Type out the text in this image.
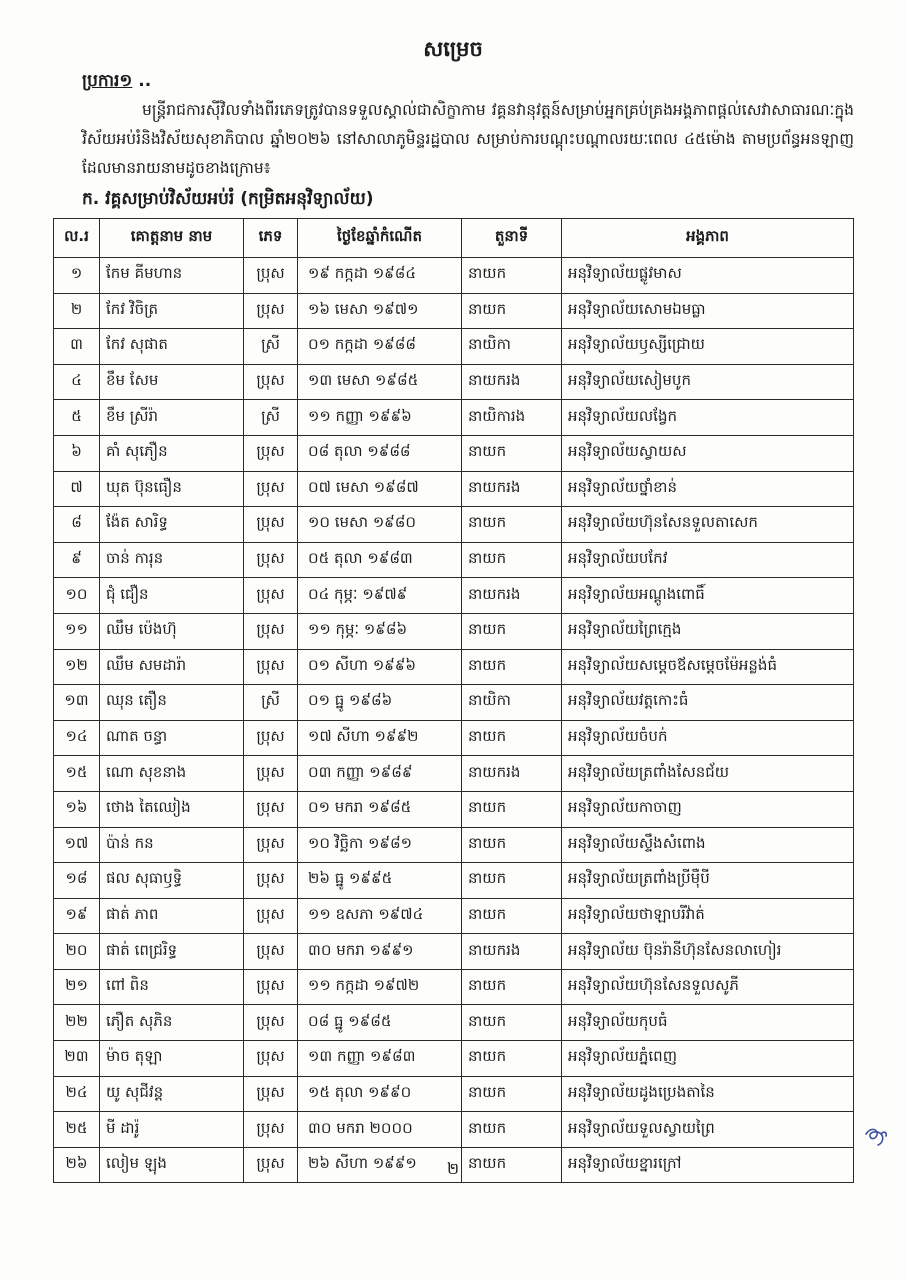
សម្រេច
ប្រការ១ ..
មន្ត្រីរាជការស៊ីវិលទាំងពីរភេទត្រូវបានទទួលស្គាល់ជាសិក្ខាកាម វគ្គនវានុវត្តន៍សម្រាប់អ្នកគ្រប់គ្រងអង្គភាពផ្ដល់សេវាសាធារណៈក្នុងវិស័យអប់រំនិងវិស័យសុខាភិបាល ឆ្នាំ២០២៦ នៅសាលាភូមិន្ទរដ្ឋបាល សម្រាប់ការបណ្ដុះបណ្ដាលរយៈពេល ៤៥ម៉ោង តាមប្រព័ន្ធអនឡាញដែលមានរាយនាមដូចខាងក្រោម៖
ក. វគ្គសម្រាប់វិស័យអប់រំ (កម្រិតអនុវិទ្យាល័យ)
ល.រ	គោត្តនាម នាម	ភេទ	ថ្ងៃខែឆ្នាំកំណើត	តួនាទី	អង្គភាព
១	កែម គីមហាន	ប្រុស	១៩ កក្កដា ១៩៨៤	នាយក	អនុវិទ្យាល័យផ្លូវមាស
២	កែវ វិចិត្រ	ប្រុស	១៦ មេសា ១៩៧១	នាយក	អនុវិទ្យាល័យសោមឯមធ្លា
៣	កែវ សុផាត	ស្រី	០១ កក្កដា ១៩៨៨	នាយិកា	អនុវិទ្យាល័យឫស្សីជ្រោយ
៤	ខឹម សែម	ប្រុស	១៣ មេសា ១៩៨៥	នាយករង	អនុវិទ្យាល័យសៀមបូក
៥	ខឹម ស្រីរ៉ា	ស្រី	១១ កញ្ញា ១៩៩៦	នាយិការង	អនុវិទ្យាល័យលង្វែក
៦	គាំ សុភឿន	ប្រុស	០៨ តុលា ១៩៨៨	នាយក	អនុវិទ្យាល័យស្វាយស
៧	ឃុត ប៊ុនធឿន	ប្រុស	០៧ មេសា ១៩៨៧	នាយករង	អនុវិទ្យាល័យថ្នាំខាន់
៨	ង៉ែត សារិទ្ធ	ប្រុស	១០ មេសា ១៩៨០	នាយក	អនុវិទ្យាល័យហ៊ុនសែនទួលតាសេក
៩	ចាន់ ការុន	ប្រុស	០៥ តុលា ១៩៨៣	នាយក	អនុវិទ្យាល័យបកែវ
១០	ជុំ ជឿន	ប្រុស	០៤ កុម្ភៈ ១៩៧៩	នាយករង	អនុវិទ្យាល័យអណ្ដូងពោធិ៍
១១	ឈឹម ប៉េងហ៊ុ	ប្រុស	១១ កុម្ភៈ ១៩៨៦	នាយក	អនុវិទ្យាល័យព្រៃក្មេង
១២	ឈឹម សមដារ៉ា	ប្រុស	០១ សីហា ១៩៩៦	នាយក	អនុវិទ្យាល័យសម្ដេចឪសម្ដេចម៉ែអន្លង់ធំ
១៣	ឈុន តឿន	ស្រី	០១ ធ្នូ ១៩៨៦	នាយិកា	អនុវិទ្យាល័យវត្តកោះធំ
១៤	ណាត ចន្ធា	ប្រុស	១៧ សីហា ១៩៩២	នាយក	អនុវិទ្យាល័យចំបក់
១៥	ណោ សុខនាង	ប្រុស	០៣ កញ្ញា ១៩៨៩	នាយករង	អនុវិទ្យាល័យត្រពាំងសែនជ័យ
១៦	ថោង តៃឈៀង	ប្រុស	០១ មករា ១៩៨៥	នាយក	អនុវិទ្យាល័យកាចាញ
១៧	ប៉ាន់ កន	ប្រុស	១០ វិច្ឆិកា ១៩៨១	នាយក	អនុវិទ្យាល័យស្ទឹងសំពោង
១៨	ផល សុធាឫទ្ធិ	ប្រុស	២៦ ធ្នូ ១៩៩៥	នាយក	អនុវិទ្យាល័យត្រពាំងប្រីម៉ឺបី
១៩	ផាត់ ភាព	ប្រុស	១១ ឧសភា ១៩៧៤	នាយក	អនុវិទ្យាល័យថាឡាបរីវ៉ាត់
២០	ផាត់ ពេជ្ររិទ្ធ	ប្រុស	៣០ មករា ១៩៩១	នាយករង	អនុវិទ្យាល័យ ប៊ុនរ៉ានីហ៊ុនសែនលាហៀរ
២១	ពៅ ពិន	ប្រុស	១១ កក្កដា ១៩៧២	នាយក	អនុវិទ្យាល័យហ៊ុនសែនទួលសូភី
២២	ភឿត សុភិន	ប្រុស	០៨ ធ្នូ ១៩៨៥	នាយក	អនុវិទ្យាល័យកុបធំ
២៣	ម៉ាច តុឡា	ប្រុស	១៣ កញ្ញា ១៩៨៣	នាយក	អនុវិទ្យាល័យភ្នំពេញ
២៤	យូ សុជីវន្ត	ប្រុស	១៥ តុលា ១៩៩០	នាយក	អនុវិទ្យាល័យដូងប្រេងតានៃ
២៥	មី ដារ៉ូ	ប្រុស	៣០ មករា ២០០០	នាយក	អនុវិទ្យាល័យទួលស្វាយព្រៃ
២៦	លៀម ឡុង	ប្រុស	២៦ សីហា ១៩៩១	នាយក	អនុវិទ្យាល័យខ្នារក្រៅ
២
